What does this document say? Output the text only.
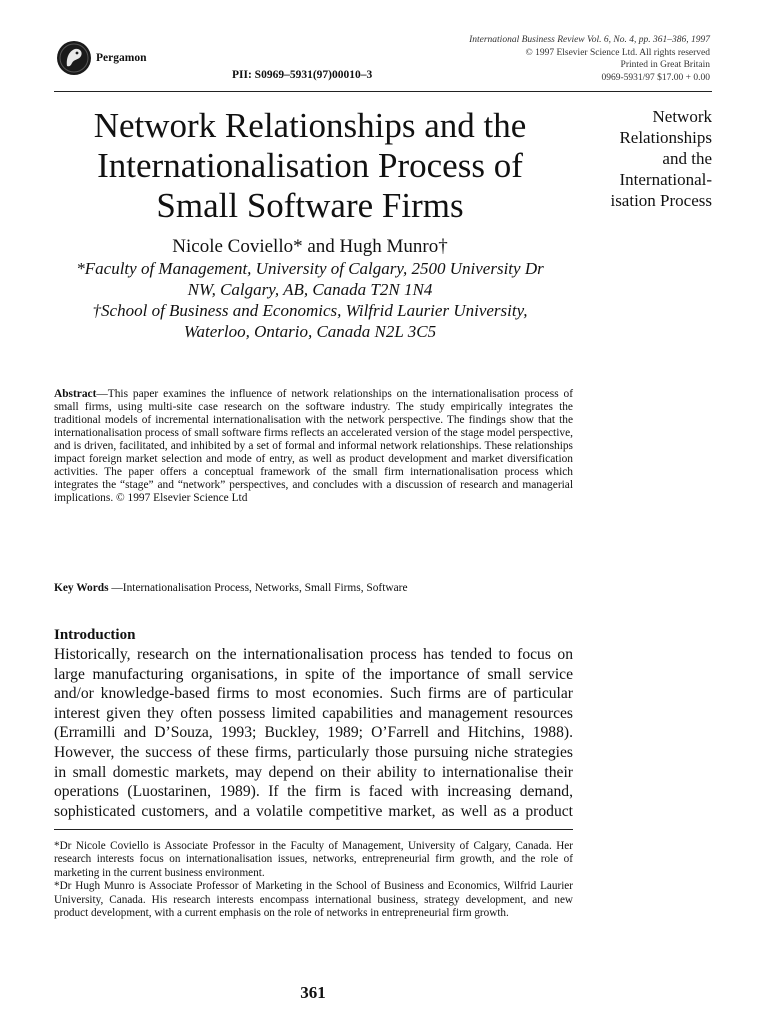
Pergamon
PII: S0969–5931(97)00010–3
International Business Review Vol. 6, No. 4, pp. 361–386, 1997
© 1997 Elsevier Science Ltd. All rights reserved
Printed in Great Britain
0969-5931/97 $17.00 + 0.00
Network Relationships and the
Internationalisation Process of
Small Software Firms
Network
Relationships
and the
International-
isation Process
Nicole Coviello* and Hugh Munro†
*Faculty of Management, University of Calgary, 2500 University Dr
NW, Calgary, AB, Canada T2N 1N4
†School of Business and Economics, Wilfrid Laurier University,
Waterloo, Ontario, Canada N2L 3C5
Abstract—This paper examines the influence of network relationships on the internationalisation process of small firms, using multi-site case research on the software industry. The study empirically integrates the traditional models of incremental internationalisation with the network perspective. The findings show that the internationalisation process of small software firms reflects an accelerated version of the stage model perspective, and is driven, facilitated, and inhibited by a set of formal and informal network relationships. These relationships impact foreign market selection and mode of entry, as well as product development and market diversification activities. The paper offers a conceptual framework of the small firm internationalisation process which integrates the “stage” and “network” perspectives, and concludes with a discussion of research and managerial implications. © 1997 Elsevier Science Ltd
Key Words —Internationalisation Process, Networks, Small Firms, Software
Introduction
Historically, research on the internationalisation process has tended to focus on
large manufacturing organisations, in spite of the importance of small service
and/or knowledge-based firms to most economies. Such firms are of particular
interest given they often possess limited capabilities and management resources
(Erramilli and D’Souza, 1993; Buckley, 1989; O’Farrell and Hitchins, 1988).
However, the success of these firms, particularly those pursuing niche strategies
in small domestic markets, may depend on their ability to internationalise their
operations (Luostarinen, 1989). If the firm is faced with increasing demand,
sophisticated customers, and a volatile competitive market, as well as a product

*Dr Nicole Coviello is Associate Professor in the Faculty of Management, University of Calgary, Canada. Her research interests focus on internationalisation issues, networks, entrepreneurial firm growth, and the role of marketing in the current business environment.

*Dr Hugh Munro is Associate Professor of Marketing in the School of Business and Economics, Wilfrid Laurier University, Canada. His research interests encompass international business, strategy development, and new product development, with a current emphasis on the role of networks in entrepreneurial firm growth.

361
